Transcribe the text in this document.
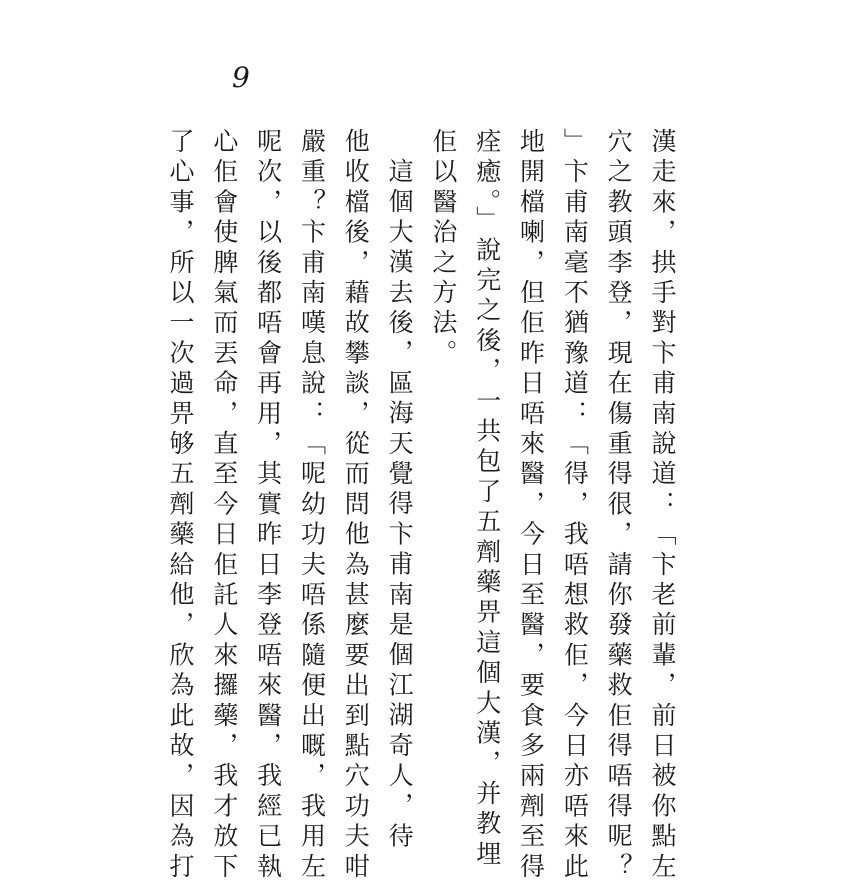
9
漢走來，拱手對卞甫南說道：「卞老前輩，前日被你點左
穴之教頭李登，現在傷重得很，請你發藥救佢得唔得呢？
」卞甫南毫不猶豫道：「得，我唔想救佢，今日亦唔來此
地開檔喇，但佢昨日唔來醫，今日至醫，要食多兩劑至得
痊癒。」說完之後，一共包了五劑藥畀這個大漢，并教埋
佢以醫治之方法。
這個大漢去後，區海天覺得卞甫南是個江湖奇人，待
他收檔後，藉故攀談，從而問他為甚麼要出到點穴功夫咁
嚴重？卞甫南嘆息說：「呢幼功夫唔係隨便出嘅，我用左
呢次，以後都唔會再用，其實昨日李登唔來醫，我經已執
心佢會使脾氣而丟命，直至今日佢託人來攞藥，我才放下
了心事，所以一次過畀够五劑藥給他，欣為此故，因為打
